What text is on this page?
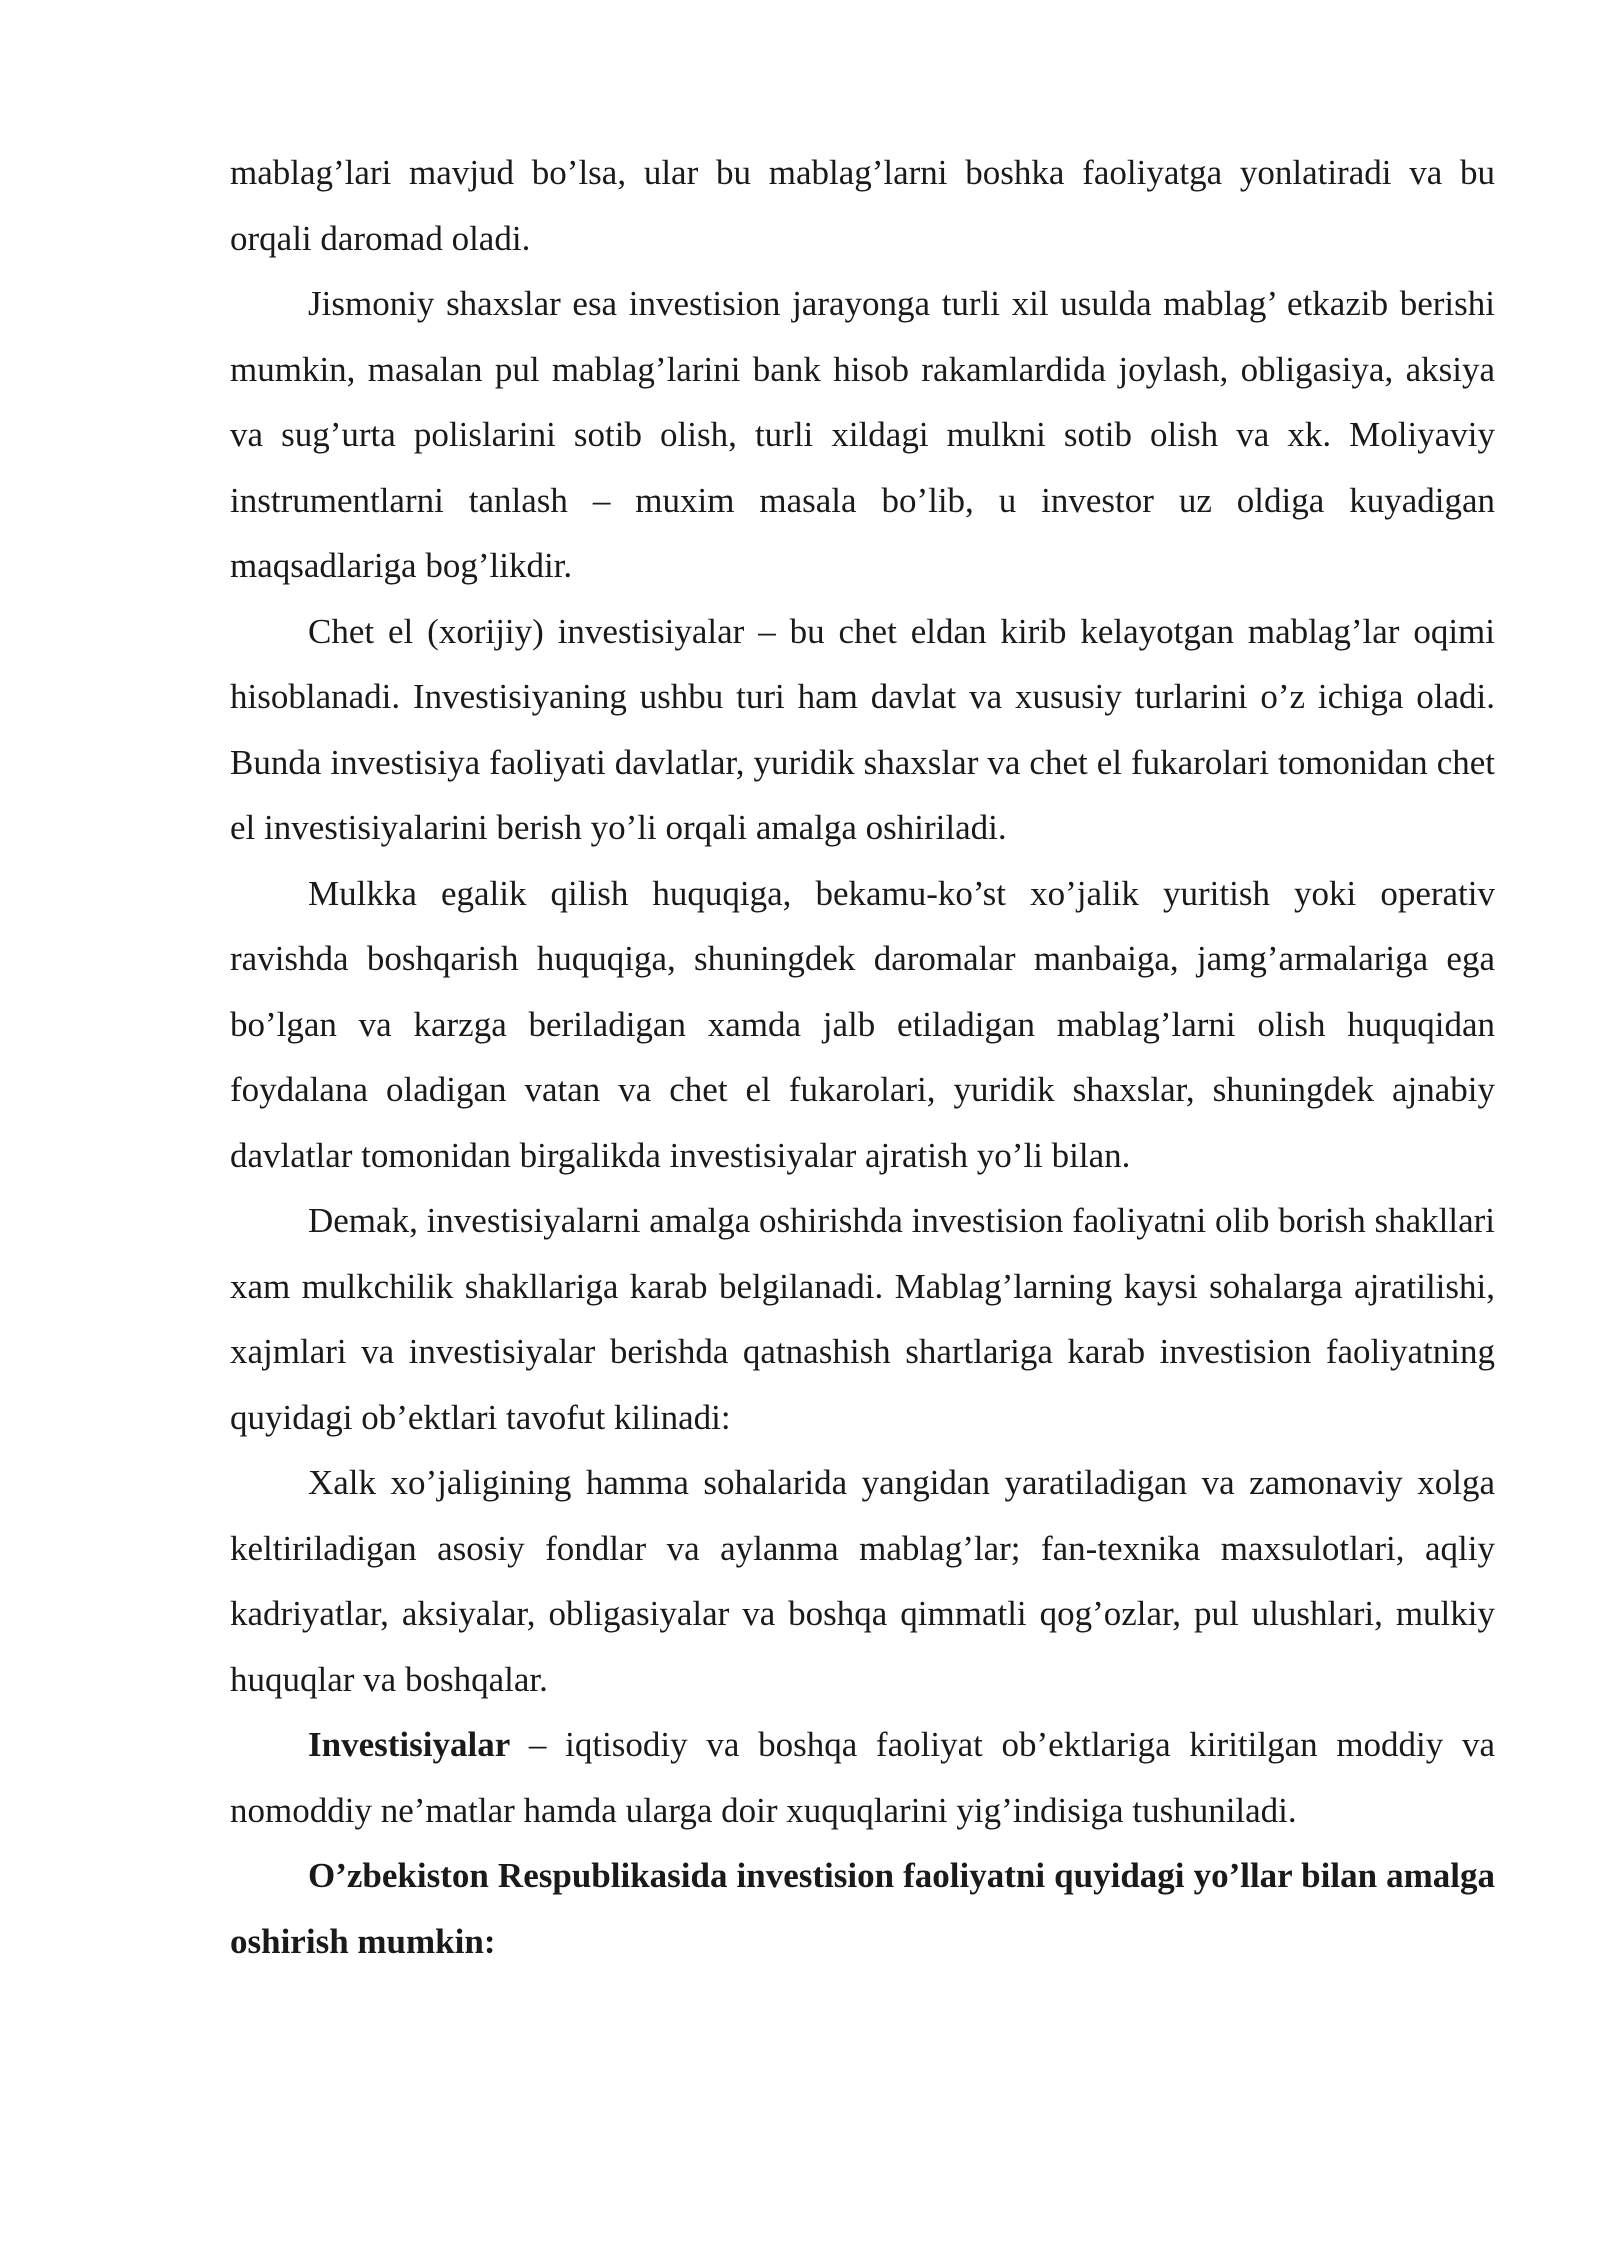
mablag’lari mavjud bo’lsa, ular bu mablag’larni boshka faoliyatga yonlatiradi va bu orqali daromad oladi.

Jismoniy shaxslar esa investision jarayonga turli xil usulda mablag’ etkazib berishi mumkin, masalan pul mablag’larini bank hisob rakamlardida joylash, obligasiya, aksiya va sug’urta polislarini sotib olish, turli xildagi mulkni sotib olish va xk. Moliyaviy instrumentlarni tanlash – muxim masala bo’lib, u investor uz oldiga kuyadigan maqsadlariga bog’likdir.

Chet el (xorijiy) investisiyalar – bu chet eldan kirib kelayotgan mablag’lar oqimi hisoblanadi. Investisiyaning ushbu turi ham davlat va xususiy turlarini o’z ichiga oladi. Bunda investisiya faoliyati davlatlar, yuridik shaxslar va chet el fukarolari tomonidan chet el investisiyalarini berish yo’li orqali amalga oshiriladi.

Mulkka egalik qilish huquqiga, bekamu-ko’st xo’jalik yuritish yoki operativ ravishda boshqarish huquqiga, shuningdek daromalar manbaiga, jamg’armalariga ega bo’lgan va karzga beriladigan xamda jalb etiladigan mablag’larni olish huquqidan foydalana oladigan vatan va chet el fukarolari, yuridik shaxslar, shuningdek ajnabiy davlatlar tomonidan birgalikda investisiyalar ajratish yo’li bilan.

Demak, investisiyalarni amalga oshirishda investision faoliyatni olib borish shakllari xam mulkchilik shakllariga karab belgilanadi. Mablag’larning kaysi sohalarga ajratilishi, xajmlari va investisiyalar berishda qatnashish shartlariga karab investision faoliyatning quyidagi ob’ektlari tavofut kilinadi:

Xalk xo’jaligining hamma sohalarida yangidan yaratiladigan va zamonaviy xolga keltiriladigan asosiy fondlar va aylanma mablag’lar; fan-texnika maxsulotlari, aqliy kadriyatlar, aksiyalar, obligasiyalar va boshqa qimmatli qog’ozlar, pul ulushlari, mulkiy huquqlar va boshqalar.

Investisiyalar – iqtisodiy va boshqa faoliyat ob’ektlariga kiritilgan moddiy va nomoddiy ne’matlar hamda ularga doir xuquqlarini yig’indisiga tushuniladi.

O’zbekiston Respublikasida investision faoliyatni quyidagi yo’llar bilan amalga oshirish mumkin:
